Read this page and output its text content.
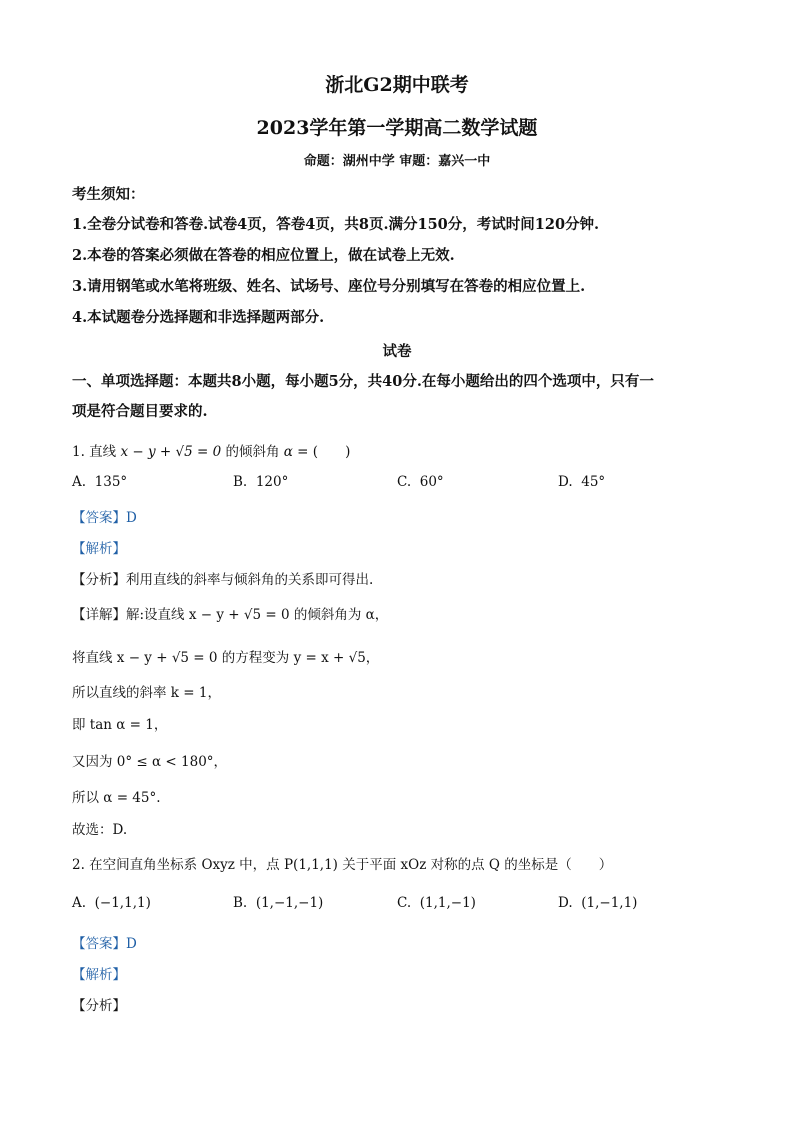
浙北G2期中联考
2023学年第一学期高二数学试题
命题：湖州中学 审题：嘉兴一中
考生须知：
1.全卷分试卷和答卷.试卷4页，答卷4页，共8页.满分150分，考试时间120分钟.
2.本卷的答案必须做在答卷的相应位置上，做在试卷上无效.
3.请用钢笔或水笔将班级、姓名、试场号、座位号分别填写在答卷的相应位置上.
4.本试题卷分选择题和非选择题两部分.
试卷
一、单项选择题：本题共8小题，每小题5分，共40分.在每小题给出的四个选项中，只有一
项是符合题目要求的.
1. 直线 x − y + √5 = 0 的倾斜角 α = (　　)
A. 135°	B. 120°	C. 60°	D. 45°
【答案】D
【解析】
【分析】利用直线的斜率与倾斜角的关系即可得出.
【详解】解:设直线 x − y + √5 = 0 的倾斜角为 α，
将直线 x − y + √5 = 0 的方程变为 y = x + √5，
所以直线的斜率 k = 1，
即 tan α = 1，
又因为 0° ≤ α < 180°，
所以 α = 45°.
故选：D.
2. 在空间直角坐标系 Oxyz 中，点 P(1,1,1) 关于平面 xOz 对称的点 Q 的坐标是（　　）
A. (−1,1,1)	B. (1,−1,−1)	C. (1,1,−1)	D. (1,−1,1)
【答案】D
【解析】
【分析】
